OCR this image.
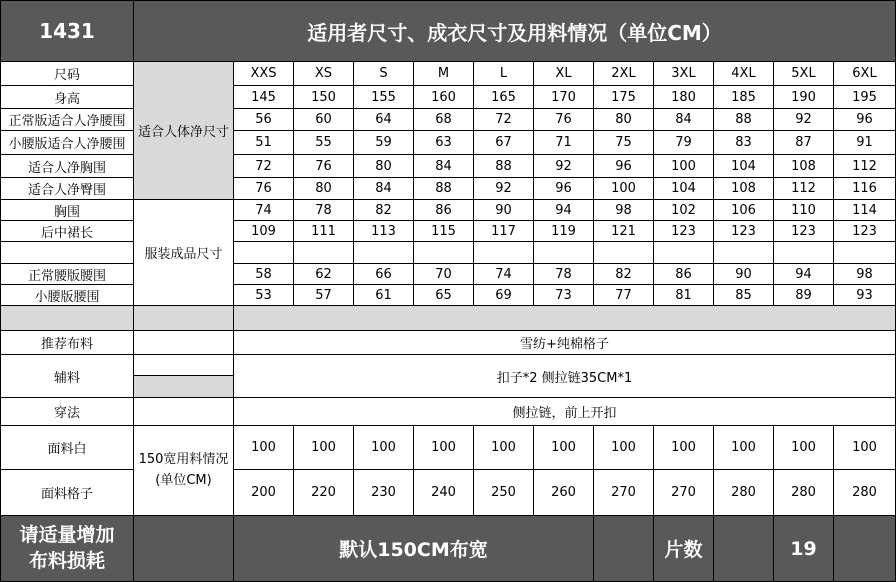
1431	适用者尺寸、成衣尺寸及用料情况（单位CM）
尺码
适合人体净尺寸
XXS	XS	S	M	L	XL	2XL	3XL	4XL	5XL	6XL
身高	145	150	155	160	165	170	175	180	185	190	195
正常版适合人净腰围	56	60	64	68	72	76	80	84	88	92	96
小腰版适合人净腰围	51	55	59	63	67	71	75	79	83	87	91
适合人净胸围	72	76	80	84	88	92	96	100	104	108	112
适合人净臀围	76	80	84	88	92	96	100	104	108	112	116
服装成品尺寸
胸围	74	78	82	86	90	94	98	102	106	110	114
后中裙长	109	111	113	115	117	119	121	123	123	123	123
正常腰版腰围	58	62	66	70	74	78	82	86	90	94	98
小腰版腰围	53	57	61	65	69	73	77	81	85	89	93
推荐布料	雪纺+纯棉格子
辅料	扣子*2 侧拉链35CM*1
穿法	侧拉链，前上开扣
150宽用料情况(单位CM)
面料白	100	100	100	100	100	100	100	100	100	100	100
面料格子	200	220	230	240	250	260	270	270	280	280	280
请适量增加布料损耗	默认150CM布宽	片数	19
